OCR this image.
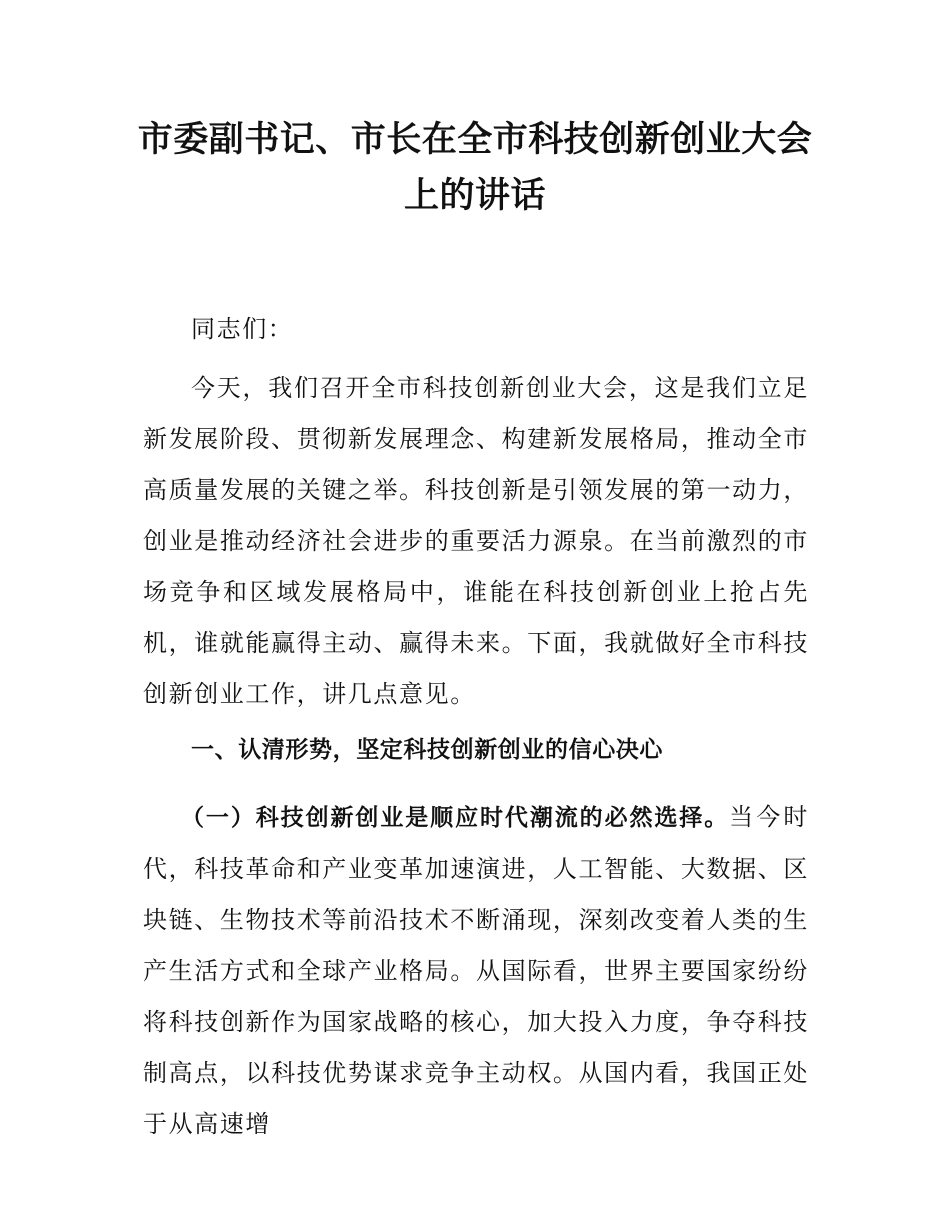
市委副书记、市长在全市科技创新创业大会上的讲话

同志们：

今天，我们召开全市科技创新创业大会，这是我们立足新发展阶段、贯彻新发展理念、构建新发展格局，推动全市高质量发展的关键之举。科技创新是引领发展的第一动力，创业是推动经济社会进步的重要活力源泉。在当前激烈的市场竞争和区域发展格局中，谁能在科技创新创业上抢占先机，谁就能赢得主动、赢得未来。下面，我就做好全市科技创新创业工作，讲几点意见。

一、认清形势，坚定科技创新创业的信心决心

（一）科技创新创业是顺应时代潮流的必然选择。当今时代，科技革命和产业变革加速演进，人工智能、大数据、区块链、生物技术等前沿技术不断涌现，深刻改变着人类的生产生活方式和全球产业格局。从国际看，世界主要国家纷纷将科技创新作为国家战略的核心，加大投入力度，争夺科技制高点，以科技优势谋求竞争主动权。从国内看，我国正处于从高速增
